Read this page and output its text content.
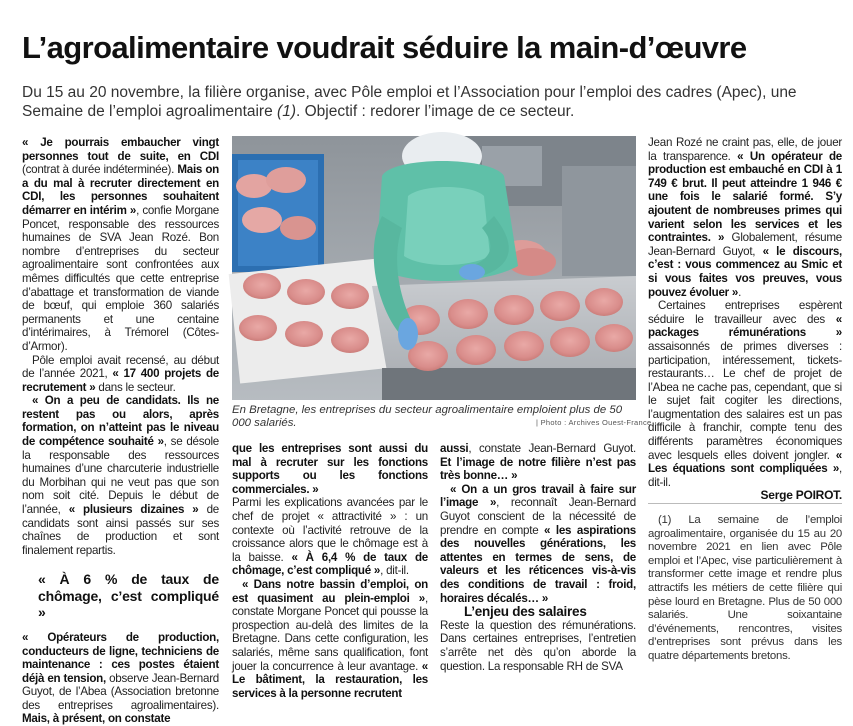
L’agroalimentaire voudrait séduire la main-d’œuvre
Du 15 au 20 novembre, la filière organise, avec Pôle emploi et l’Association pour l’emploi des cadres (Apec), une Semaine de l’emploi agroalimentaire (1). Objectif : redorer l’image de ce secteur.

« Je pourrais embaucher vingt personnes tout de suite, en CDI (contrat à durée indéterminée). Mais on a du mal à recruter directement en CDI, les personnes souhaitent démarrer en intérim », confie Morgane Poncet, responsable des ressources humaines de SVA Jean Rozé. Bon nombre d’entreprises du secteur agroalimentaire sont confrontées aux mêmes difficultés que cette entreprise d’abattage et transformation de viande de bœuf, qui emploie 360 salariés permanents et une centaine d’intérimaires, à Trémorel (Côtes-d’Armor).

Pôle emploi avait recensé, au début de l’année 2021, « 17 400 projets de recrutement » dans le secteur.

« On a peu de candidats. Ils ne restent pas ou alors, après formation, on n’atteint pas le niveau de compétence souhaité », se désole la responsable des ressources humaines d’une charcuterie industrielle du Morbihan qui ne veut pas que son nom soit cité. Depuis le début de l’année, « plusieurs dizaines » de candidats sont ainsi passés sur ses chaînes de production et sont finalement repartis.

« À 6 % de taux de chômage, c’est compliqué »

« Opérateurs de production, conducteurs de ligne, techniciens de maintenance : ces postes étaient déjà en tension, observe Jean-Bernard Guyot, de l’Abea (Association bretonne des entreprises agroalimentaires). Mais, à présent, on constate

En Bretagne, les entreprises du secteur agroalimentaire emploient plus de 50 000 salariés.	| Photo : Archives Ouest-France

que les entreprises sont aussi du mal à recruter sur les fonctions supports ou les fonctions commerciales. »

Parmi les explications avancées par le chef de projet « attractivité » : un contexte où l’activité retrouve de la croissance alors que le chômage est à la baisse. « À 6,4 % de taux de chômage, c’est compliqué », dit-il.

« Dans notre bassin d’emploi, on est quasiment au plein-emploi », constate Morgane Poncet qui pousse la prospection au-delà des limites de la Bretagne. Dans cette configuration, les salariés, même sans qualification, font jouer la concurrence à leur avantage. « Le bâtiment, la restauration, les services à la personne recrutent

aussi, constate Jean-Bernard Guyot. Et l’image de notre filière n’est pas très bonne… »

« On a un gros travail à faire sur l’image », reconnaît Jean-Bernard Guyot conscient de la nécessité de prendre en compte « les aspirations des nouvelles générations, les attentes en termes de sens, de valeurs et les réticences vis-à-vis des conditions de travail : froid, horaires décalés… »

L’enjeu des salaires

Reste la question des rémunérations. Dans certaines entreprises, l’entretien s’arrête net dès qu’on aborde la question. La responsable RH de SVA

Jean Rozé ne craint pas, elle, de jouer la transparence. « Un opérateur de production est embauché en CDI à 1 749 € brut. Il peut atteindre 1 946 € une fois le salarié formé. S’y ajoutent de nombreuses primes qui varient selon les services et les contraintes. » Globalement, résume Jean-Bernard Guyot, « le discours, c’est : vous commencez au Smic et si vous faites vos preuves, vous pouvez évoluer ».

Certaines entreprises espèrent séduire le travailleur avec des « packages rémunérations » assaisonnés de primes diverses : participation, intéressement, tickets-restaurants… Le chef de projet de l’Abea ne cache pas, cependant, que si le sujet fait cogiter les directions, l’augmentation des salaires est un pas difficile à franchir, compte tenu des différents paramètres économiques avec lesquels elles doivent jongler. « Les équations sont compliquées », dit-il.

Serge POIROT.

(1) La semaine de l’emploi agroalimentaire, organisée du 15 au 20 novembre 2021 en lien avec Pôle emploi et l’Apec, vise particulièrement à transformer cette image et rendre plus attractifs les métiers de cette filière qui pèse lourd en Bretagne. Plus de 50 000 salariés. Une soixantaine d’événements, rencontres, visites d’entreprises sont prévus dans les quatre départements bretons.
